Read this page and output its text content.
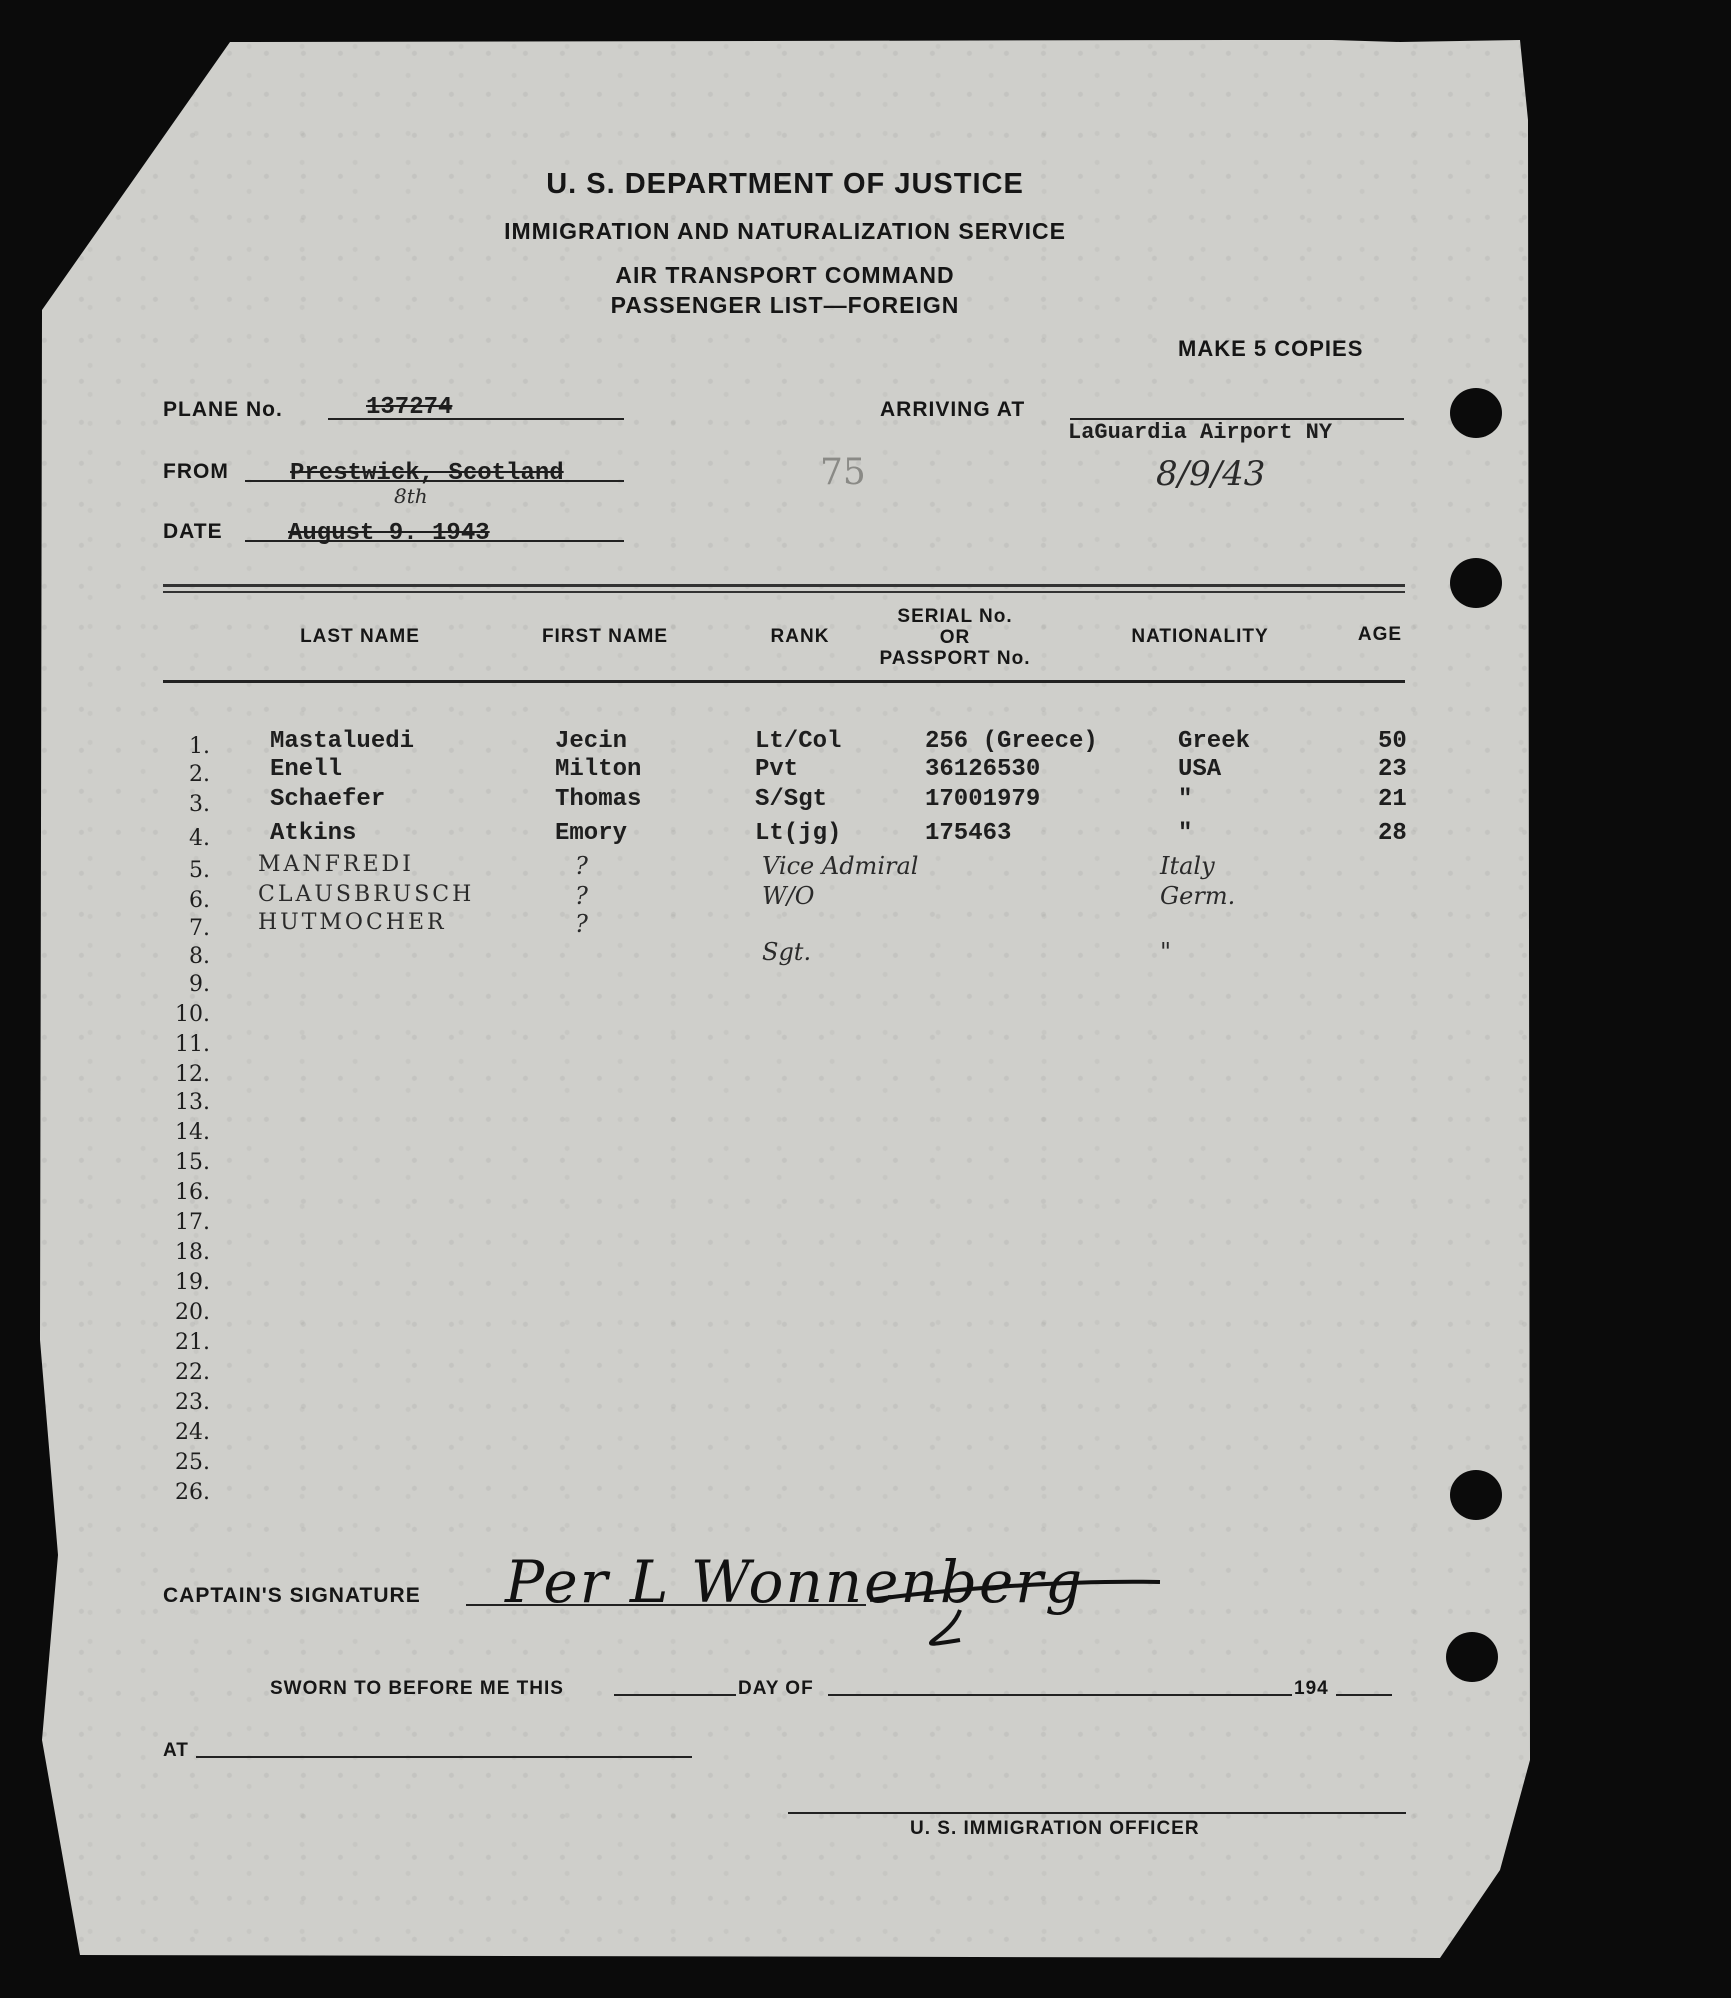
U. S. DEPARTMENT OF JUSTICE
IMMIGRATION AND NATURALIZATION SERVICE
AIR TRANSPORT COMMAND
PASSENGER LIST—FOREIGN
MAKE 5 COPIES
75
PLANE No.	137274
FROM	Prestwick, Scotland
8th
DATE	August 9. 1943
ARRIVING AT
LaGuardia Airport NY
8/9/43
LAST NAME	FIRST NAME	RANK
SERIAL No.
OR
PASSPORT No.
NATIONALITY	AGE
1.	Mastaluedi	Jecin	Lt/Col	256 (Greece)	Greek	50
2.	Enell	Milton	Pvt	36126530	USA	23
3.	Schaefer	Thomas	S/Sgt	17001979	"	21
4.	Atkins	Emory	Lt(jg)	175463	"	28
5. MANFREDI	?	Vice Admiral	Italy
6. CLAUSBRUSCH	?	W/O	Germ.
7. HUTMOCHER	?
8.	Sgt.	"
9.
10.
11.
12.
13.
14.
15.
16.
17.
18.
19.
20.
21.
22.
23.
24.
25.
26.
CAPTAIN'S SIGNATURE Per L Wonnenberg
SWORN TO BEFORE ME THIS	DAY OF	194
AT
U. S. IMMIGRATION OFFICER
